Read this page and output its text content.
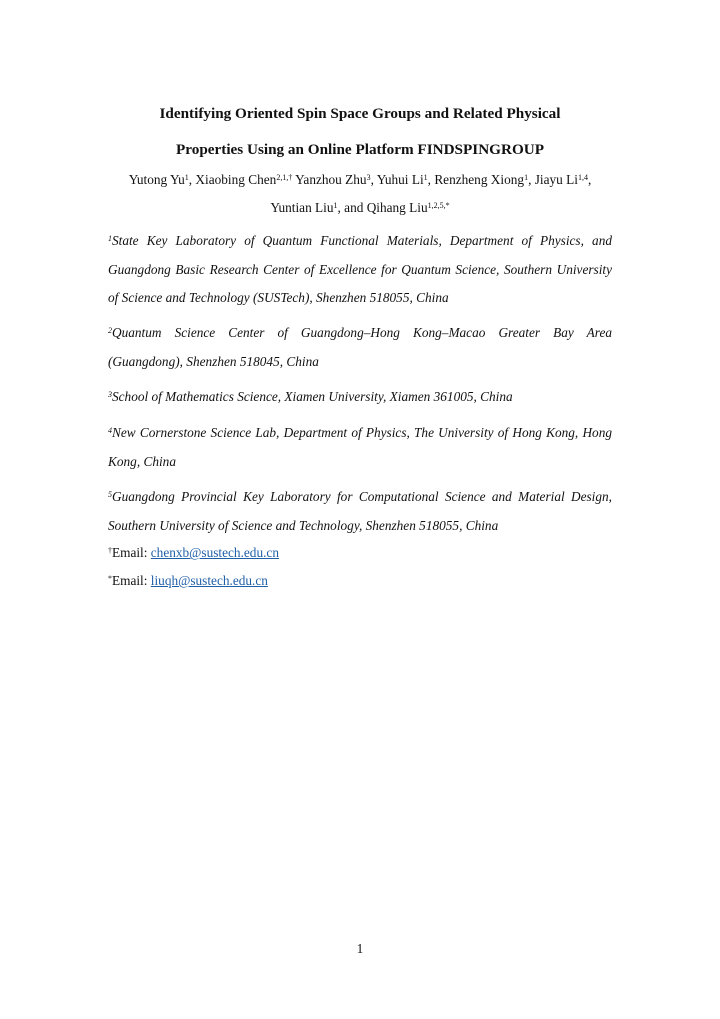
Identifying Oriented Spin Space Groups and Related Physical
Properties Using an Online Platform FINDSPINGROUP

Yutong Yu$^1$, Xiaobing Chen$^{2,1,\dagger}$ Yanzhou Zhu$^3$, Yuhui Li$^1$, Renzheng Xiong$^1$, Jiayu Li$^{1,4}$, Yuntian Liu$^1$, and Qihang Liu$^{1,2,5,*}$

$^1$State Key Laboratory of Quantum Functional Materials, Department of Physics, and Guangdong Basic Research Center of Excellence for Quantum Science, Southern University of Science and Technology (SUSTech), Shenzhen 518055, China

$^2$Quantum Science Center of Guangdong–Hong Kong–Macao Greater Bay Area (Guangdong), Shenzhen 518045, China

$^3$School of Mathematics Science, Xiamen University, Xiamen 361005, China

$^4$New Cornerstone Science Lab, Department of Physics, The University of Hong Kong, Hong Kong, China

$^5$Guangdong Provincial Key Laboratory for Computational Science and Material Design, Southern University of Science and Technology, Shenzhen 518055, China

†Email: chenxb@sustech.edu.cn

*Email: liuqh@sustech.edu.cn

1
